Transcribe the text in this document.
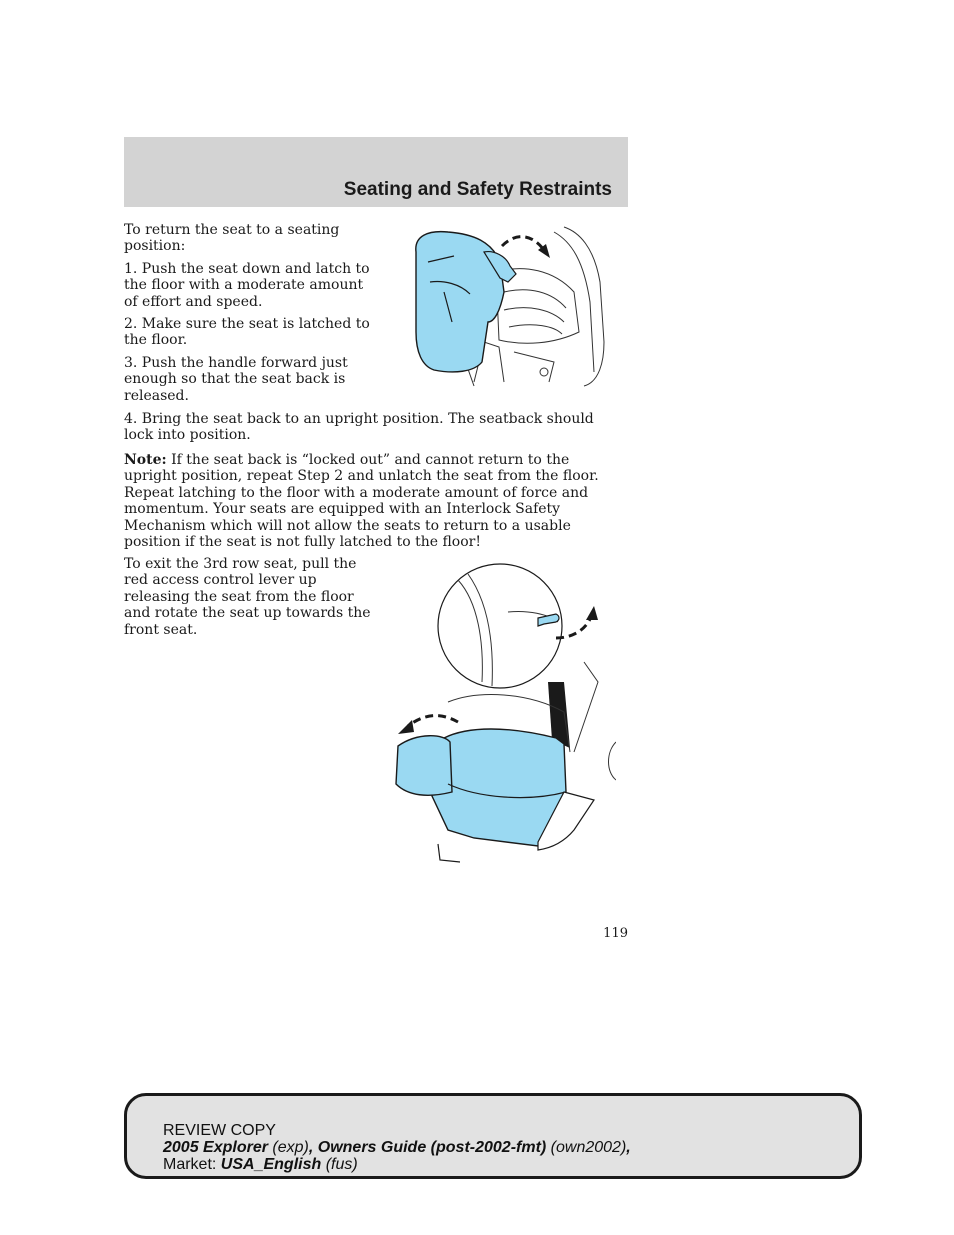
Seating and Safety Restraints

To return the seat to a seating position:

1. Push the seat down and latch to the floor with a moderate amount of effort and speed.

2. Make sure the seat is latched to the floor.

3. Push the handle forward just enough so that the seat back is released.

4. Bring the seat back to an upright position. The seatback should lock into position.

Note: If the seat back is “locked out” and cannot return to the upright position, repeat Step 2 and unlatch the seat from the floor. Repeat latching to the floor with a moderate amount of force and momentum. Your seats are equipped with an Interlock Safety Mechanism which will not allow the seats to return to a usable position if the seat is not fully latched to the floor!

To exit the 3rd row seat, pull the red access control lever up releasing the seat from the floor and rotate the seat up towards the front seat.

119
REVIEW COPY
2005 Explorer (exp), Owners Guide (post-2002-fmt) (own2002),
Market: USA_English (fus)
